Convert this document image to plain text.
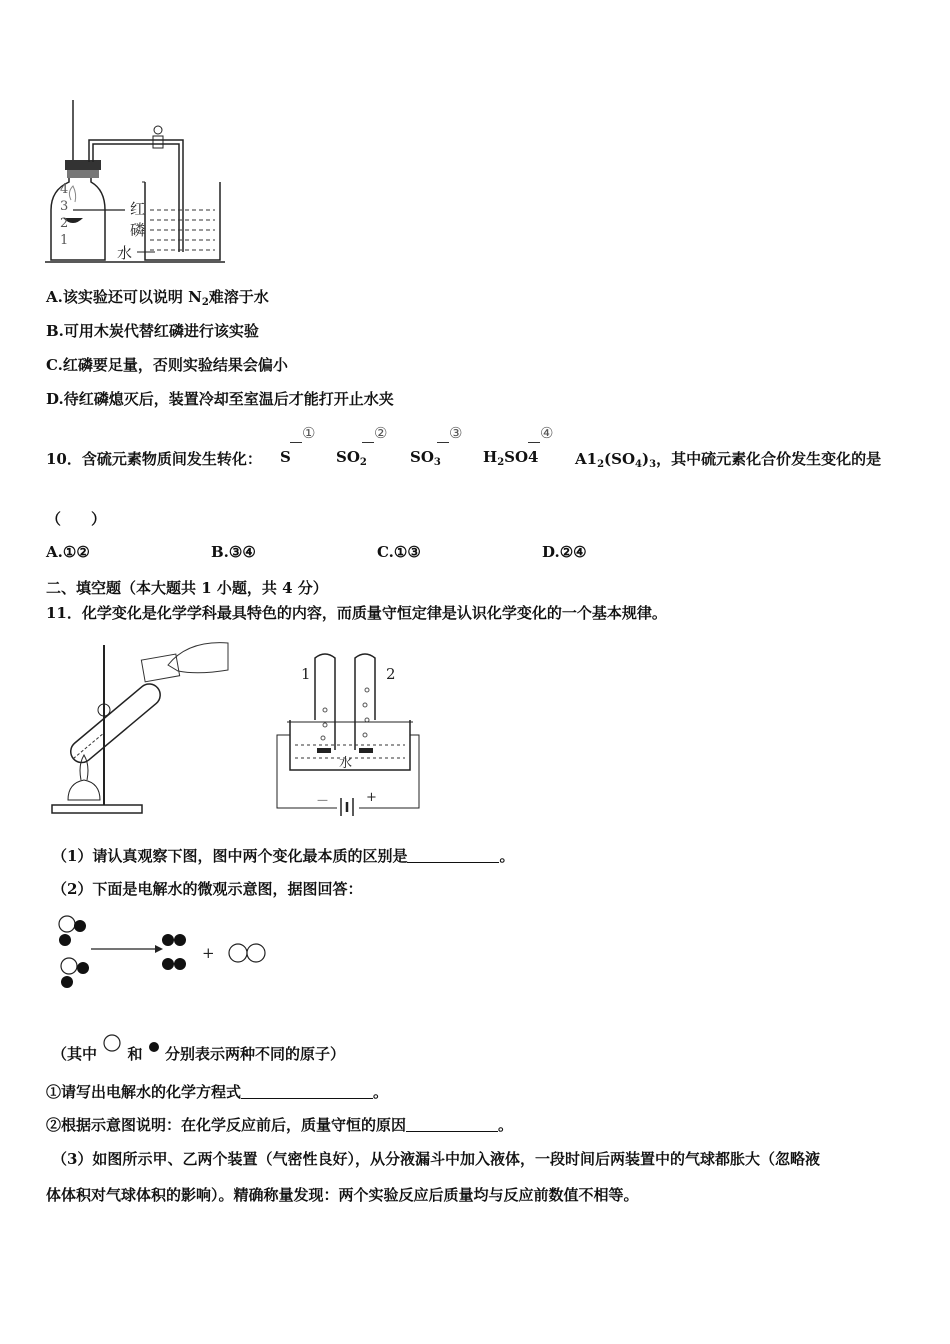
4
3
2
1
红
磷
水
A.该实验还可以说明 $N_2$难溶于水
B.可用木炭代替红磷进行该实验
C.红磷要足量，否则实验结果会偏小
D.待红磷熄灭后，装置冷却至室温后才能打开止水夹
①	②	③	④
10．含硫元素物质间发生转化： S	$SO_2$	$SO_3$	$H_2SO4$ $A1_2(SO_4)_3$，其中硫元素化合价发生变化的是
（　　）
A.①②	B.③④	C.①③	D.②④
二、填空题（本大题共 1 小题，共 4 分）
11．化学变化是化学学科最具特色的内容，而质量守恒定律是认识化学变化的一个基本规律。
1	2
水
－	+
（1）请认真观察下图，图中两个变化最本质的区别是	。
（2）下面是电解水的微观示意图，据图回答：
+
（其中 和 分别表示两种不同的原子）
①请写出电解水的化学方程式	。
②根据示意图说明：在化学反应前后，质量守恒的原因	。
（3）如图所示甲、乙两个装置（气密性良好），从分液漏斗中加入液体，一段时间后两装置中的气球都胀大（忽略液
体体积对气球体积的影响）。精确称量发现：两个实验反应后质量均与反应前数值不相等。
